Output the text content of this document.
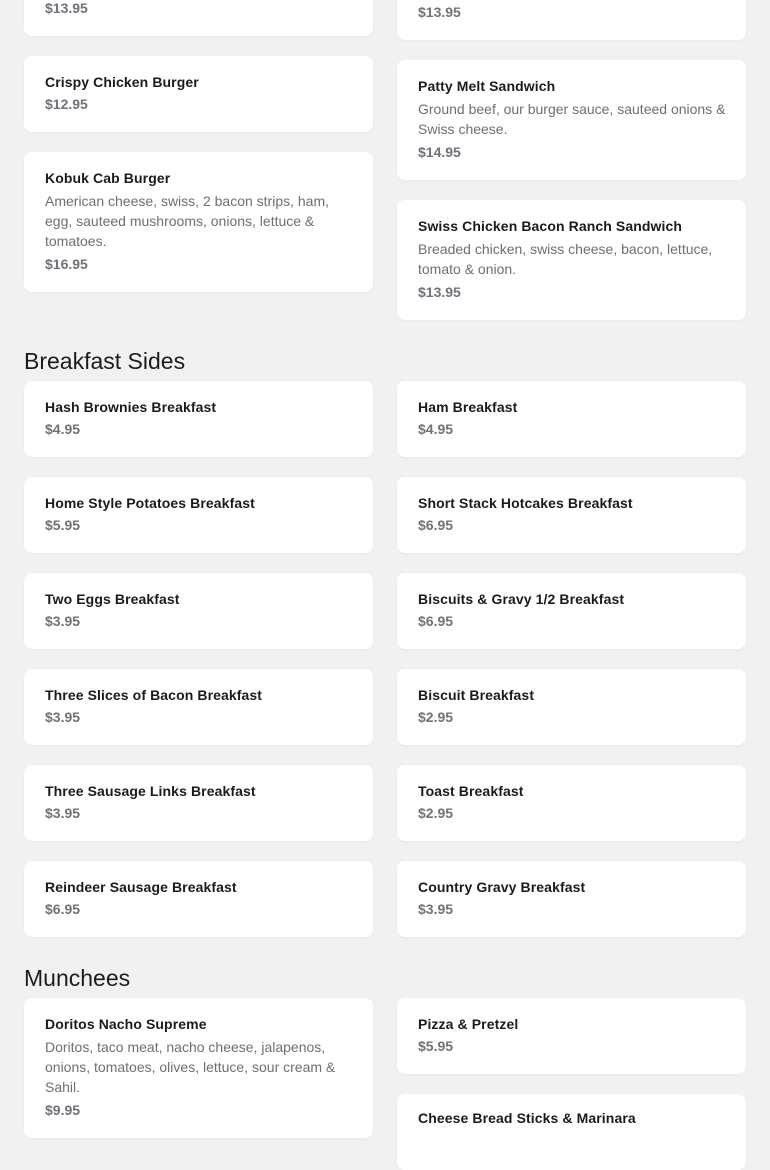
$13.95	$13.95
Crispy Chicken Burger
$12.95
Patty Melt Sandwich
Ground beef, our burger sauce, sauteed onions & Swiss cheese.
$14.95
Kobuk Cab Burger
American cheese, swiss, 2 bacon strips, ham, egg, sauteed mushrooms, onions, lettuce & tomatoes.
$16.95
Swiss Chicken Bacon Ranch Sandwich
Breaded chicken, swiss cheese, bacon, lettuce, tomato & onion.
$13.95
Breakfast Sides
Hash Brownies Breakfast
$4.95
Ham Breakfast
$4.95
Home Style Potatoes Breakfast
$5.95
Short Stack Hotcakes Breakfast
$6.95
Two Eggs Breakfast
$3.95
Biscuits & Gravy 1/2 Breakfast
$6.95
Three Slices of Bacon Breakfast
$3.95
Biscuit Breakfast
$2.95
Three Sausage Links Breakfast
$3.95
Toast Breakfast
$2.95
Reindeer Sausage Breakfast
$6.95
Country Gravy Breakfast
$3.95
Munchees
Doritos Nacho Supreme
Doritos, taco meat, nacho cheese, jalapenos, onions, tomatoes, olives, lettuce, sour cream & Sahil.
$9.95
Pizza & Pretzel
$5.95
Cheese Bread Sticks & Marinara
